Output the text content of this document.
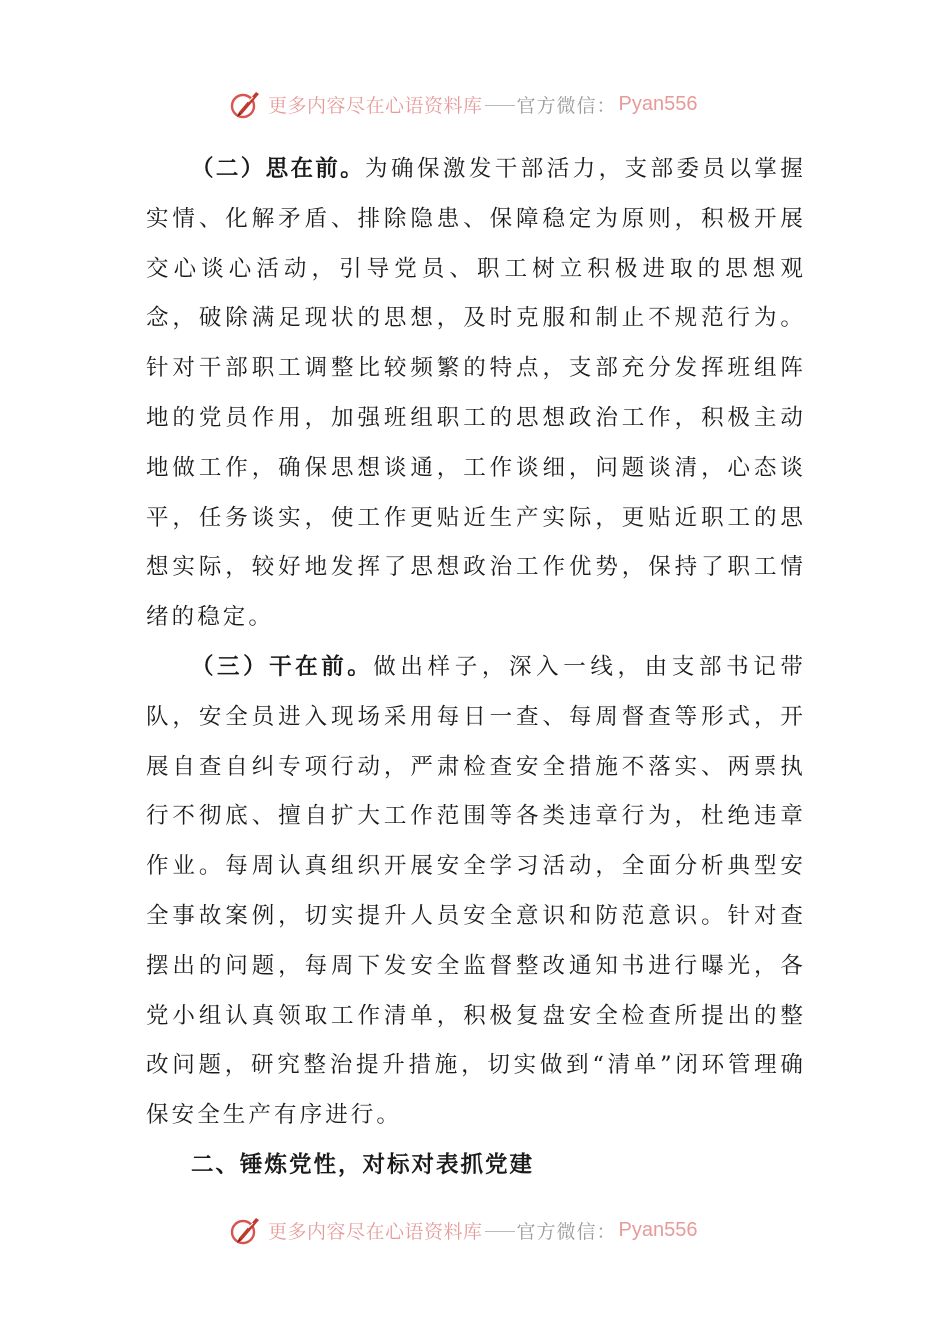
更多内容尽在心语资料库 官方微信： Pyan556

（二）思在前。为确保激发干部活力，支部委员以掌握实情、化解矛盾、排除隐患、保障稳定为原则，积极开展交心谈心活动，引导党员、职工树立积极进取的思想观念，破除满足现状的思想，及时克服和制止不规范行为。针对干部职工调整比较频繁的特点，支部充分发挥班组阵地的党员作用，加强班组职工的思想政治工作，积极主动地做工作，确保思想谈通，工作谈细，问题谈清，心态谈平，任务谈实，使工作更贴近生产实际，更贴近职工的思想实际，较好地发挥了思想政治工作优势，保持了职工情绪的稳定。

（三）干在前。做出样子，深入一线，由支部书记带队，安全员进入现场采用每日一查、每周督查等形式，开展自查自纠专项行动，严肃检查安全措施不落实、两票执行不彻底、擅自扩大工作范围等各类违章行为，杜绝违章作业。每周认真组织开展安全学习活动，全面分析典型安全事故案例，切实提升人员安全意识和防范意识。针对查摆出的问题，每周下发安全监督整改通知书进行曝光，各党小组认真领取工作清单，积极复盘安全检查所提出的整改问题，研究整治提升措施，切实做到“清单”闭环管理确保安全生产有序进行。

二、锤炼党性，对标对表抓党建

更多内容尽在心语资料库 官方微信： Pyan556
